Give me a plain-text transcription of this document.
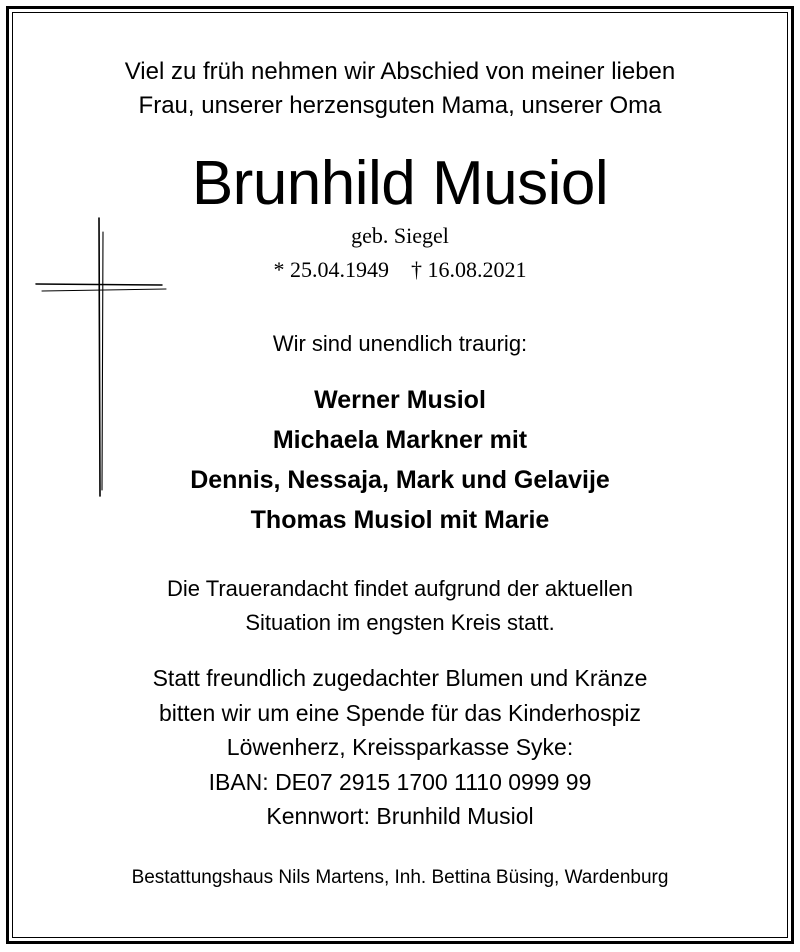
Viel zu früh nehmen wir Abschied von meiner lieben
Frau, unserer herzensguten Mama, unserer Oma
Brunhild Musiol
geb. Siegel
* 25.04.1949 † 16.08.2021
Wir sind unendlich traurig:
Werner Musiol
Michaela Markner mit
Dennis, Nessaja, Mark und Gelavije
Thomas Musiol mit Marie
Die Trauerandacht findet aufgrund der aktuellen
Situation im engsten Kreis statt.
Statt freundlich zugedachter Blumen und Kränze
bitten wir um eine Spende für das Kinderhospiz
Löwenherz, Kreissparkasse Syke:
IBAN: DE07 2915 1700 1110 0999 99
Kennwort: Brunhild Musiol
Bestattungshaus Nils Martens, Inh. Bettina Büsing, Wardenburg
